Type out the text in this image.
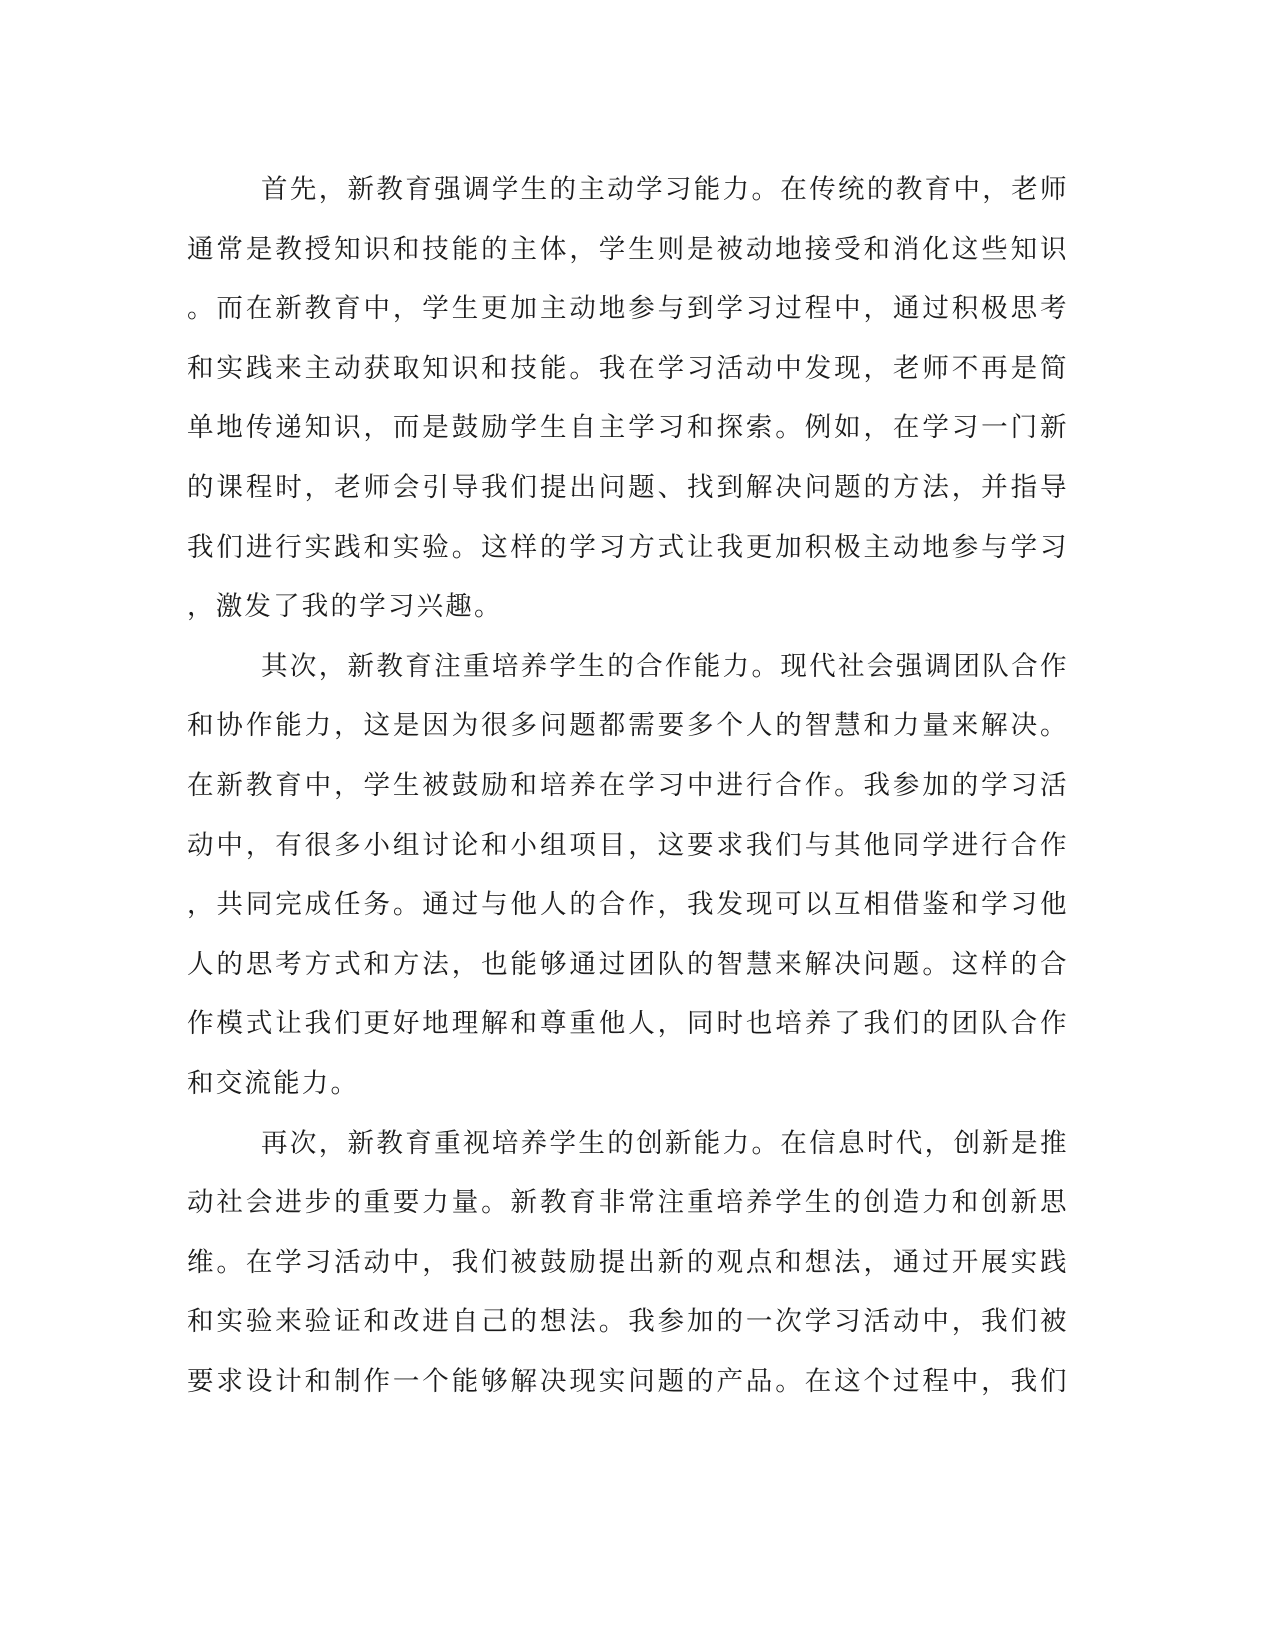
首先，新教育强调学生的主动学习能力。在传统的教育中，老师
通常是教授知识和技能的主体，学生则是被动地接受和消化这些知识
。而在新教育中，学生更加主动地参与到学习过程中，通过积极思考
和实践来主动获取知识和技能。我在学习活动中发现，老师不再是简
单地传递知识，而是鼓励学生自主学习和探索。例如，在学习一门新
的课程时，老师会引导我们提出问题、找到解决问题的方法，并指导
我们进行实践和实验。这样的学习方式让我更加积极主动地参与学习
，激发了我的学习兴趣。
其次，新教育注重培养学生的合作能力。现代社会强调团队合作
和协作能力，这是因为很多问题都需要多个人的智慧和力量来解决。
在新教育中，学生被鼓励和培养在学习中进行合作。我参加的学习活
动中，有很多小组讨论和小组项目，这要求我们与其他同学进行合作
，共同完成任务。通过与他人的合作，我发现可以互相借鉴和学习他
人的思考方式和方法，也能够通过团队的智慧来解决问题。这样的合
作模式让我们更好地理解和尊重他人，同时也培养了我们的团队合作
和交流能力。
再次，新教育重视培养学生的创新能力。在信息时代，创新是推
动社会进步的重要力量。新教育非常注重培养学生的创造力和创新思
维。在学习活动中，我们被鼓励提出新的观点和想法，通过开展实践
和实验来验证和改进自己的想法。我参加的一次学习活动中，我们被
要求设计和制作一个能够解决现实问题的产品。在这个过程中，我们
